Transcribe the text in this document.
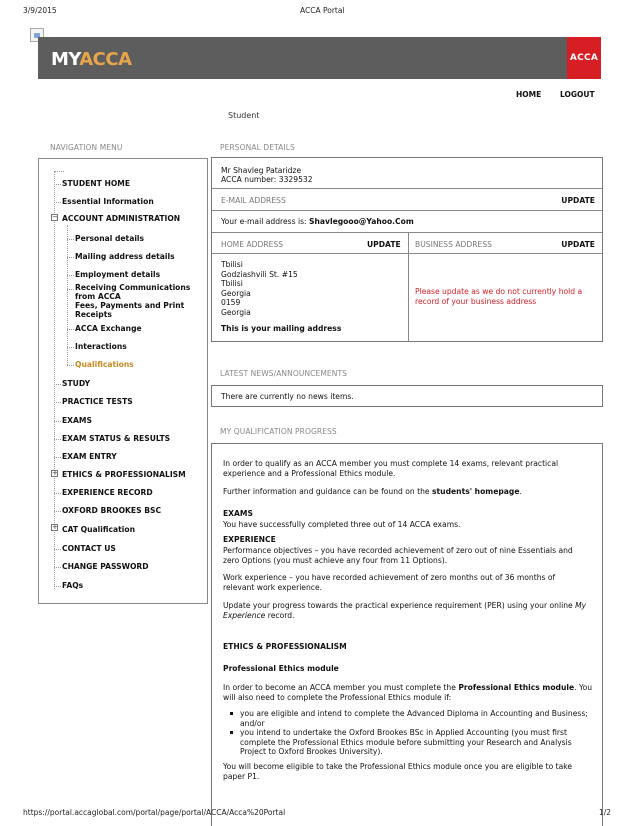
3/9/2015	ACCA Portal
MYACCA	ACCA
HOME	LOGOUT
Student
NAVIGATION MENU	PERSONAL DETAILS
STUDENT HOME
Essential Information
− ACCOUNT ADMINISTRATION
Personal details
Mailing address details
Employment details
Receiving Communications from ACCA
Fees, Payments and Print Receipts
ACCA Exchange
Interactions
Qualifications
STUDY
PRACTICE TESTS
EXAMS
EXAM STATUS & RESULTS
EXAM ENTRY
+ ETHICS & PROFESSIONALISM
EXPERIENCE RECORD
OXFORD BROOKES BSC
+ CAT Qualification
CONTACT US
CHANGE PASSWORD
FAQs
Mr Shavleg Pataridze
ACCA number: 3329532
E-MAIL ADDRESS	UPDATE
Your e-mail address is: Shavlegooo@Yahoo.Com
HOME ADDRESS	UPDATE BUSINESS ADDRESS	UPDATE
Tbilisi
Godziashvili St. #15
Tbilisi
Georgia
0159
Georgia
This is your mailing address
Please update as we do not currently hold a record of your business address
LATEST NEWS/ANNOUNCEMENTS
There are currently no news items.
MY QUALIFICATION PROGRESS
In order to qualify as an ACCA member you must complete 14 exams, relevant practical experience and a Professional Ethics module.
Further information and guidance can be found on the students' homepage.
EXAMS
You have successfully completed three out of 14 ACCA exams.
EXPERIENCE
Performance objectives – you have recorded achievement of zero out of nine Essentials and zero Options (you must achieve any four from 11 Options).
Work experience – you have recorded achievement of zero months out of 36 months of relevant work experience.
Update your progress towards the practical experience requirement (PER) using your online My Experience record.
ETHICS & PROFESSIONALISM
Professional Ethics module
In order to become an ACCA member you must complete the Professional Ethics module. You will also need to complete the Professional Ethics module if:
you are eligible and intend to complete the Advanced Diploma in Accounting and Business; and/or
you intend to undertake the Oxford Brookes BSc in Applied Accounting (you must first complete the Professional Ethics module before submitting your Research and Analysis Project to Oxford Brookes University).
You will become eligible to take the Professional Ethics module once you are eligible to take paper P1.
https://portal.accaglobal.com/portal/page/portal/ACCA/Acca%20Portal	1/2
